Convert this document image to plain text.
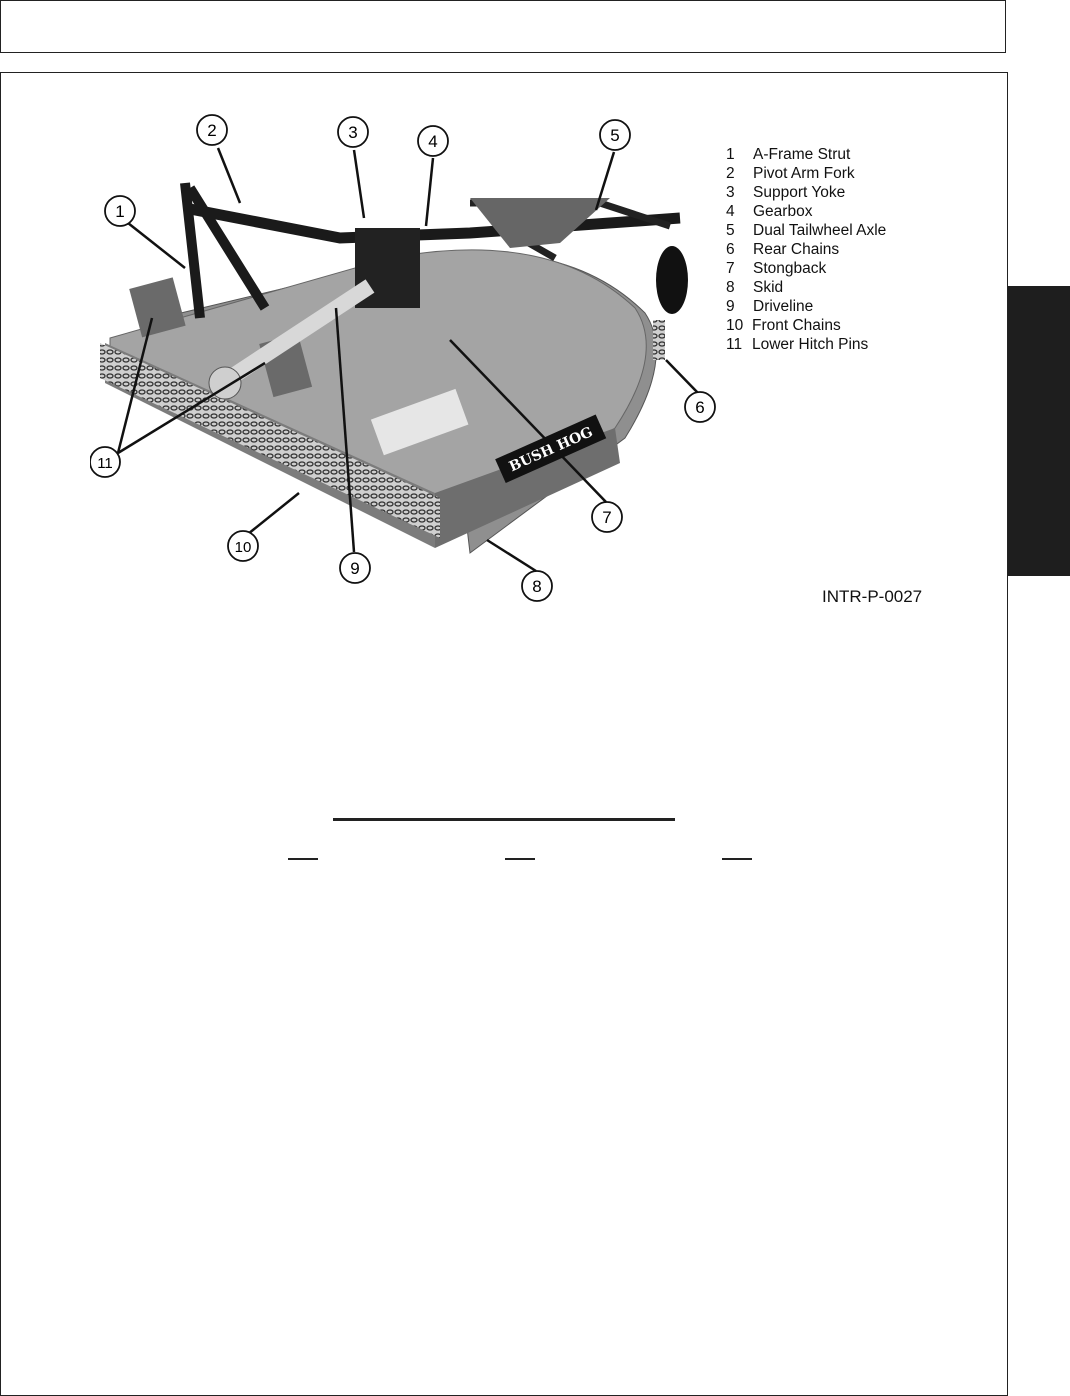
BUSH HOG
1
2	3	4	5
6
7
8
9
10
11
1	A-Frame Strut
2	Pivot Arm Fork
3	Support Yoke
4	Gearbox
5	Dual Tailwheel Axle
6	Rear Chains
7	Stongback
8	Skid
9	Driveline
10 Front Chains
11 Lower Hitch Pins
INTR-P-0027
